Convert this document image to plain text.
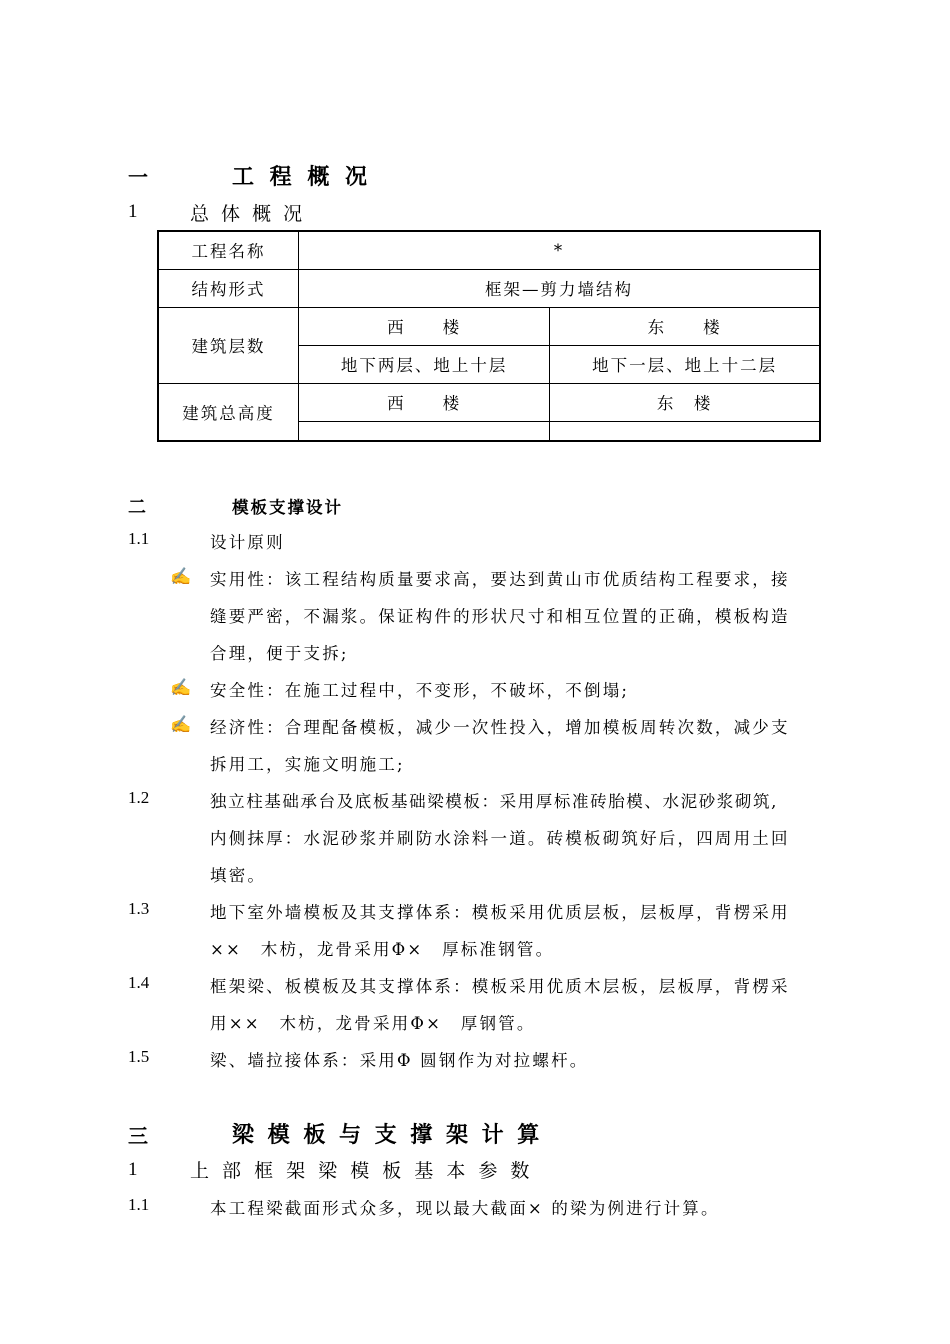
一	工 程 概 况
1	总 体 概 况
工程名称	*	
结构形式	框架—剪力墙结构	
建筑层数	西　　楼	东　　楼
	地下两层、地上十层	地下一层、地上十二层
建筑总高度	西　　楼	东　楼

二	模板支撑设计
1.1	设计原则
✍ 实用性：该工程结构质量要求高，要达到黄山市优质结构工程要求，接
缝要严密，不漏浆。保证构件的形状尺寸和相互位置的正确，模板构造
合理，便于支拆;
✍ 安全性：在施工过程中，不变形，不破坏，不倒塌;
✍ 经济性：合理配备模板，减少一次性投入，增加模板周转次数，减少支
拆用工，实施文明施工;
1.2	独立柱基础承台及底板基础梁模板：采用厚标准砖胎模、水泥砂浆砌筑,
内侧抹厚：水泥砂浆并刷防水涂料一道。砖模板砌筑好后，四周用土回
填密。
1.3	地下室外墙模板及其支撑体系：模板采用优质层板，层板厚，背楞采用
××　木枋，龙骨采用Φ×　厚标准钢管。
1.4	框架梁、板模板及其支撑体系：模板采用优质木层板，层板厚，背楞采
用××　木枋，龙骨采用Φ×　厚钢管。
1.5	梁、墙拉接体系：采用Φ 圆钢作为对拉螺杆。
三	梁 模 板 与 支 撑 架 计 算
1	上 部 框 架 梁 模 板 基 本 参 数
1.1	本工程梁截面形式众多，现以最大截面× 的梁为例进行计算。
